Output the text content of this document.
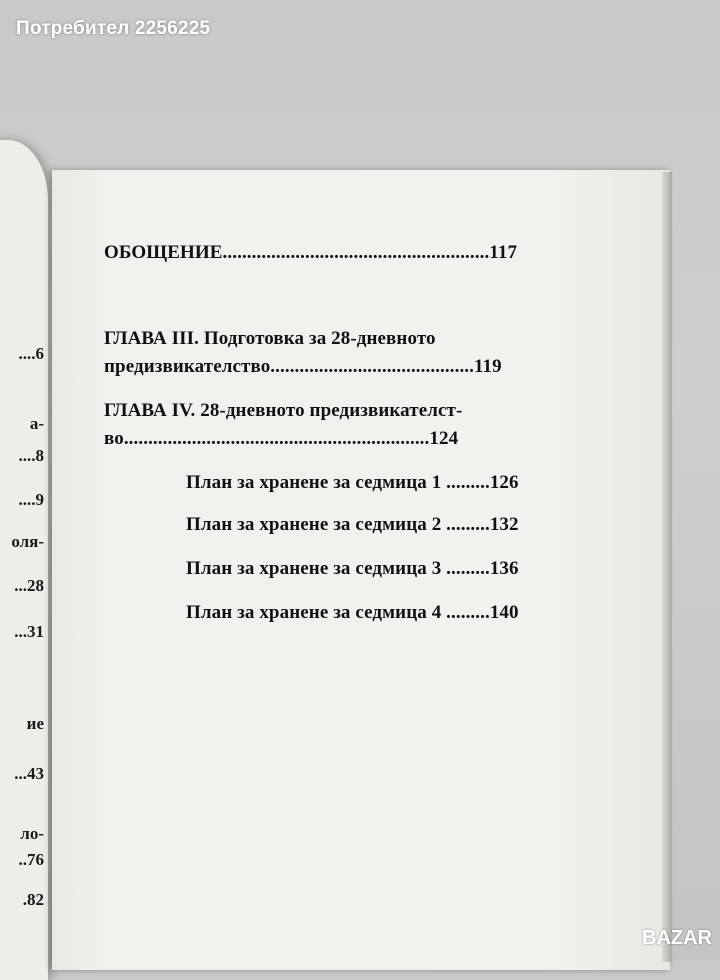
Потребител 2256225
....6
а-
....8
....9
оля-
...28
...31
ие
...43
ло-
..76
.82
ОБОЩЕНИЕ.......................................................117
ГЛАВА III. Подготовка за 28-дневното
предизвикателство..........................................119
ГЛАВА IV. 28-дневното предизвикателст-
во...............................................................124
План за хранене за седмица 1 .........126
План за хранене за седмица 2 .........132
План за хранене за седмица 3 .........136
План за хранене за седмица 4 .........140
BAZAR
